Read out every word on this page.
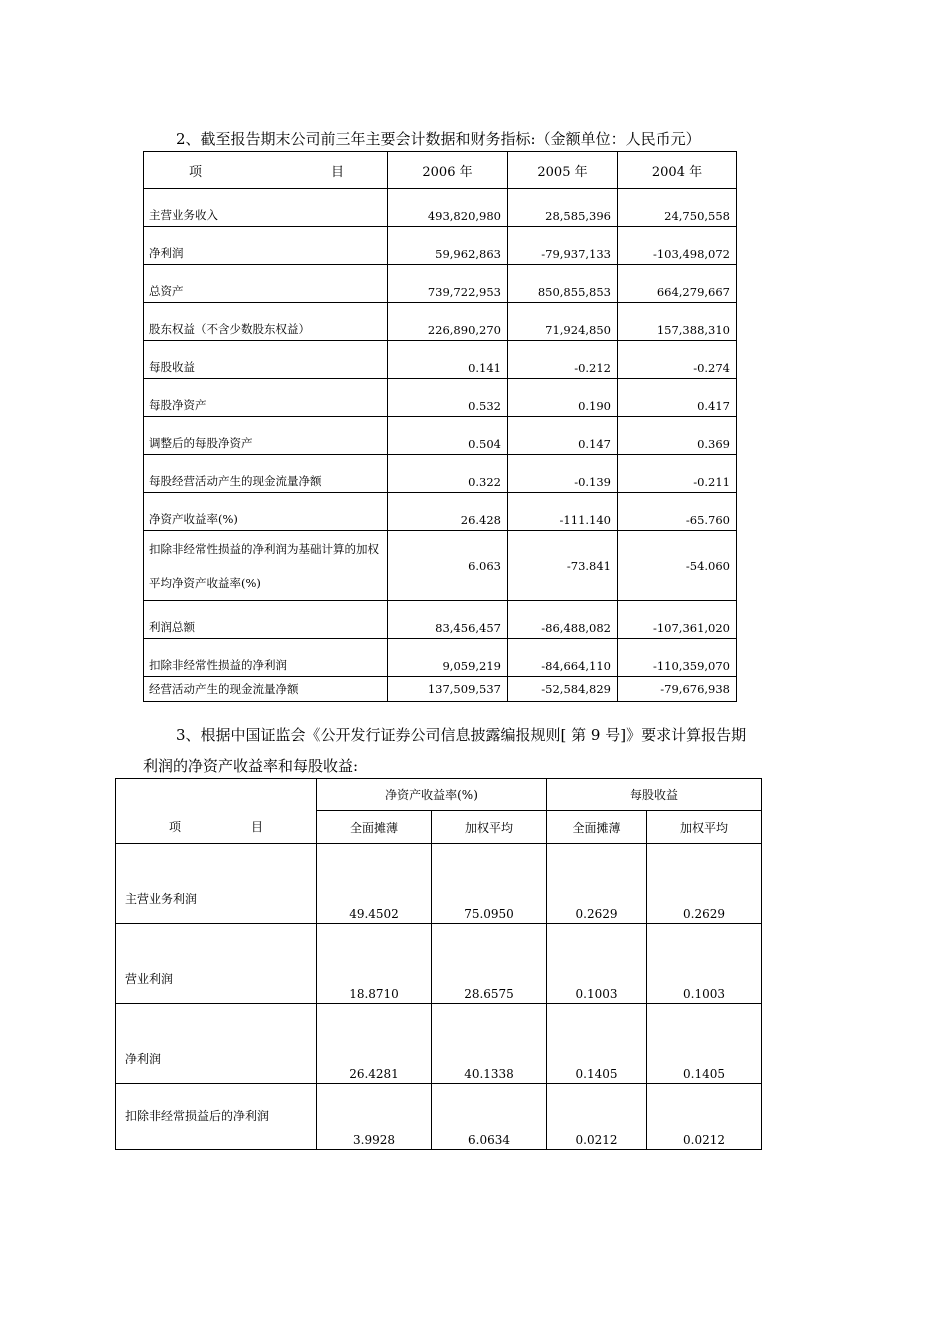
2、截至报告期末公司前三年主要会计数据和财务指标:（金额单位：人民币元）
项 目	2006 年	2005 年	2004 年
主营业务收入	493,820,980	28,585,396	24,750,558
净利润	59,962,863	-79,937,133	-103,498,072
总资产	739,722,953	850,855,853	664,279,667
股东权益（不含少数股东权益）	226,890,270	71,924,850	157,388,310
每股收益	0.141	-0.212	-0.274
每股净资产	0.532	0.190	0.417
调整后的每股净资产	0.504	0.147	0.369
每股经营活动产生的现金流量净额	0.322	-0.139	-0.211
净资产收益率(%)	26.428	-111.140	-65.760
扣除非经常性损益的净利润为基础计算的加权平均净资产收益率(%)	6.063	-73.841	-54.060
利润总额	83,456,457	-86,488,082	-107,361,020
扣除非经常性损益的净利润	9,059,219	-84,664,110	-110,359,070
经营活动产生的现金流量净额	137,509,537	-52,584,829	-79,676,938
3、根据中国证监会《公开发行证券公司信息披露编报规则[ 第 9 号]》要求计算报告期
利润的净资产收益率和每股收益:
项 目	净资产收益率(%)		每股收益	
	全面摊薄	加权平均	全面摊薄	加权平均
主营业务利润	49.4502	75.0950	0.2629	0.2629
营业利润	18.8710	28.6575	0.1003	0.1003
净利润	26.4281	40.1338	0.1405	0.1405
扣除非经常损益后的净利润	3.9928	6.0634	0.0212	0.0212
